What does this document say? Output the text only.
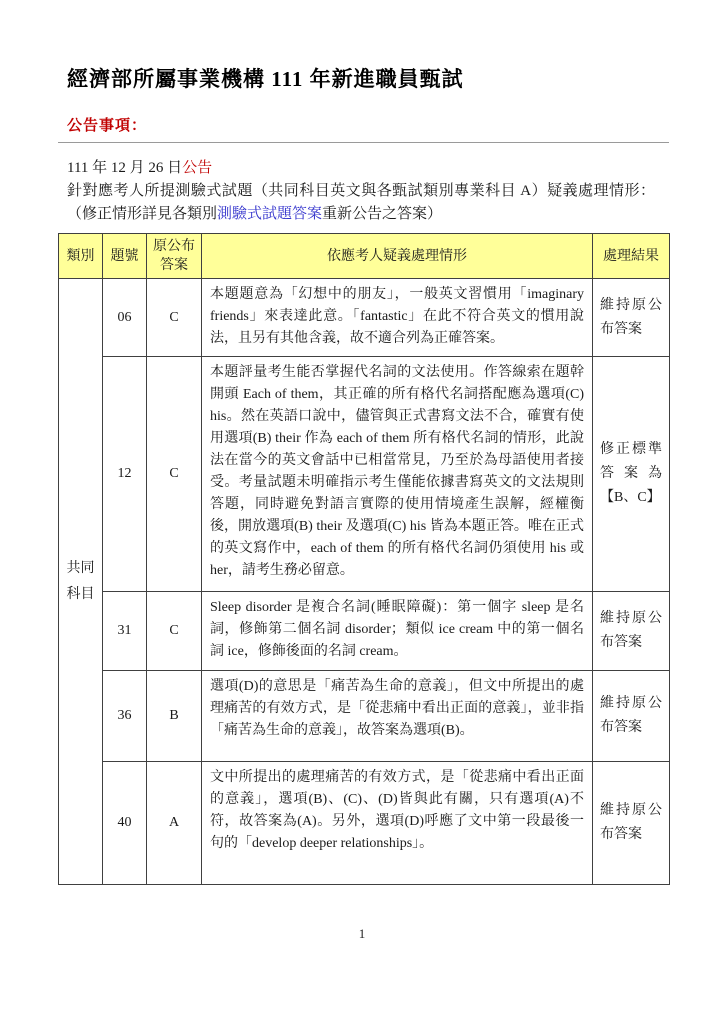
經濟部所屬事業機構 111 年新進職員甄試
公告事項：
111 年 12 月 26 日公告

針對應考人所提測驗式試題（共同科目英文與各甄試類別專業科目 A）疑義處理情形：（修正情形詳見各類別測驗式試題答案重新公告之答案）

類別	題號	原公布答案	依應考人疑義處理情形	處理結果
共同科目	06	C	本題題意為「幻想中的朋友」，一般英文習慣用「imaginary friends」來表達此意。「fantastic」在此不符合英文的慣用說法，且另有其他含義，故不適合列為正確答案。	維持原公布答案
	12	C	本題評量考生能否掌握代名詞的文法使用。作答線索在題幹開頭 Each of them，其正確的所有格代名詞搭配應為選項(C) his。然在英語口說中，儘管與正式書寫文法不合，確實有使用選項(B) their 作為 each of them 所有格代名詞的情形，此說法在當今的英文會話中已相當常見，乃至於為母語使用者接受。考量試題未明確指示考生僅能依據書寫英文的文法規則答題，同時避免對語言實際的使用情境產生誤解，經權衡後，開放選項(B) their 及選項(C) his 皆為本題正答。唯在正式的英文寫作中，each of them 的所有格代名詞仍須使用 his 或 her，請考生務必留意。	修正標準答案為【B、C】
	31	C	Sleep disorder 是複合名詞(睡眠障礙)：第一個字 sleep 是名詞，修飾第二個名詞 disorder；類似 ice cream 中的第一個名詞 ice，修飾後面的名詞 cream。	維持原公布答案
	36	B	選項(D)的意思是「痛苦為生命的意義」，但文中所提出的處理痛苦的有效方式，是「從悲痛中看出正面的意義」，並非指「痛苦為生命的意義」，故答案為選項(B)。	維持原公布答案
	40	A	文中所提出的處理痛苦的有效方式，是「從悲痛中看出正面的意義」，選項(B)、(C)、(D)皆與此有關，只有選項(A)不符，故答案為(A)。另外，選項(D)呼應了文中第一段最後一句的「develop deeper relationships」。	維持原公布答案
1
